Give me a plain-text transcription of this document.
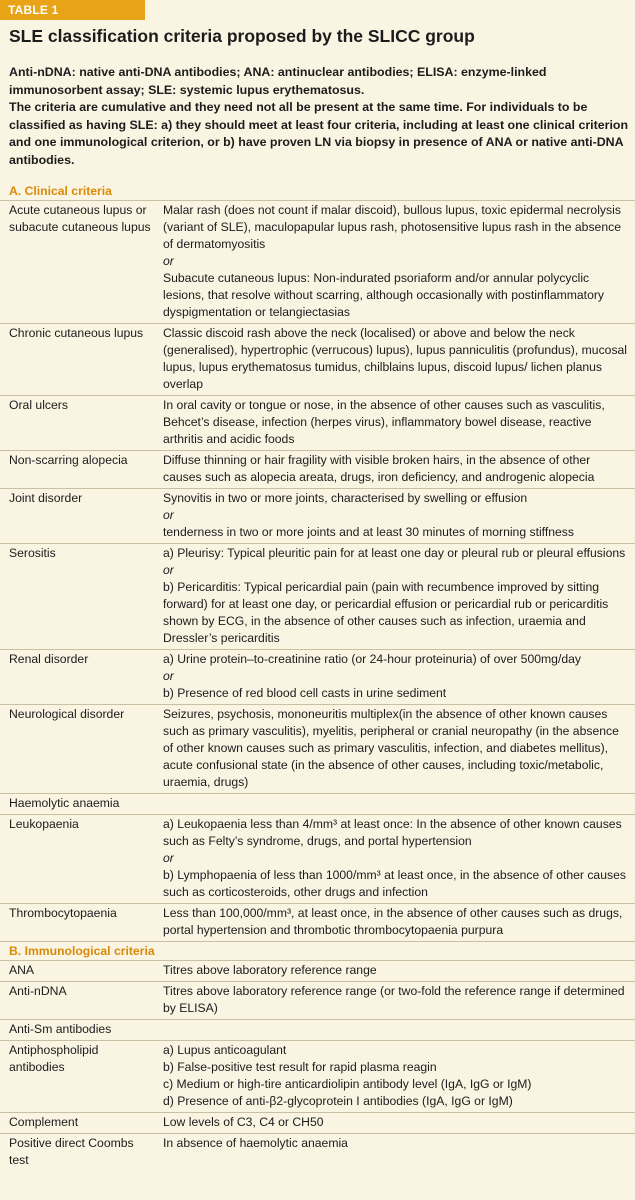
TABLE 1
SLE classification criteria proposed by the SLICC group

Anti-nDNA: native anti-DNA antibodies; ANA: antinuclear antibodies; ELISA: enzyme-linked immunosorbent assay; SLE: systemic lupus erythematosus.

The criteria are cumulative and they need not all be present at the same time. For individuals to be classified as having SLE: a) they should meet at least four criteria, including at least one clinical criterion and one immunological criterion, or b) have proven LN via biopsy in presence of ANA or native anti-DNA antibodies.

A. Clinical criteria	
Acute cutaneous lupus or subacute cutaneous lupus	Malar rash (does not count if malar discoid), bullous lupus, toxic epidermal necrolysis (variant of SLE), maculopapular lupus rash, photosensitive lupus rash in the absence of dermatomyositis
or
Subacute cutaneous lupus: Non-indurated psoriaform and/or annular polycyclic lesions, that resolve without scarring, although occasionally with postinflammatory dyspigmentation or telangiectasias

Chronic cutaneous lupus	Classic discoid rash above the neck (localised) or above and below the neck (generalised), hypertrophic (verrucous) lupus), lupus panniculitis (profundus), mucosal lupus, lupus erythematosus tumidus, chilblains lupus, discoid lupus/ lichen planus overlap

Oral ulcers	In oral cavity or tongue or nose, in the absence of other causes such as vasculitis, Behcet’s disease, infection (herpes virus), inflammatory bowel disease, reactive arthritis and acidic foods

Non-scarring alopecia	Diffuse thinning or hair fragility with visible broken hairs, in the absence of other causes such as alopecia areata, drugs, iron deficiency, and androgenic alopecia

Joint disorder	Synovitis in two or more joints, characterised by swelling or effusion
or
tenderness in two or more joints and at least 30 minutes of morning stiffness

Serositis	a) Pleurisy: Typical pleuritic pain for at least one day or pleural rub or pleural effusions
or
b) Pericarditis: Typical pericardial pain (pain with recumbence improved by sitting forward) for at least one day, or pericardial effusion or pericardial rub or pericarditis shown by ECG, in the absence of other causes such as infection, uraemia and Dressler’s pericarditis

Renal disorder	a) Urine protein–to-creatinine ratio (or 24-hour proteinuria) of over 500mg/day
or
b) Presence of red blood cell casts in urine sediment

Neurological disorder	Seizures, psychosis, mononeuritis multiplex(in the absence of other known causes such as primary vasculitis), myelitis, peripheral or cranial neuropathy (in the absence of other known causes such as primary vasculitis, infection, and diabetes mellitus), acute confusional state (in the absence of other causes, including toxic/metabolic, uraemia, drugs)

Haemolytic anaemia	
Leukopaenia	a) Leukopaenia less than 4/mm³ at least once: In the absence of other known causes such as Felty’s syndrome, drugs, and portal hypertension
or
b) Lymphopaenia of less than 1000/mm³ at least once, in the absence of other causes such as corticosteroids, other drugs and infection

Thrombocytopaenia	Less than 100,000/mm³, at least once, in the absence of other causes such as drugs, portal hypertension and thrombotic thrombocytopaenia purpura

B. Immunological criteria	
ANA	Titres above laboratory reference range

Anti-nDNA	Titres above laboratory reference range (or two-fold the reference range if determined by ELISA)

Anti-Sm antibodies	
Antiphospholipid antibodies	a) Lupus anticoagulant
b) False-positive test result for rapid plasma reagin
c) Medium or high-tire anticardiolipin antibody level (IgA, IgG or IgM)
d) Presence of anti-β2-glycoprotein I antibodies (IgA, IgG or IgM)

Complement	Low levels of C3, C4 or CH50

Positive direct Coombs test	In absence of haemolytic anaemia
